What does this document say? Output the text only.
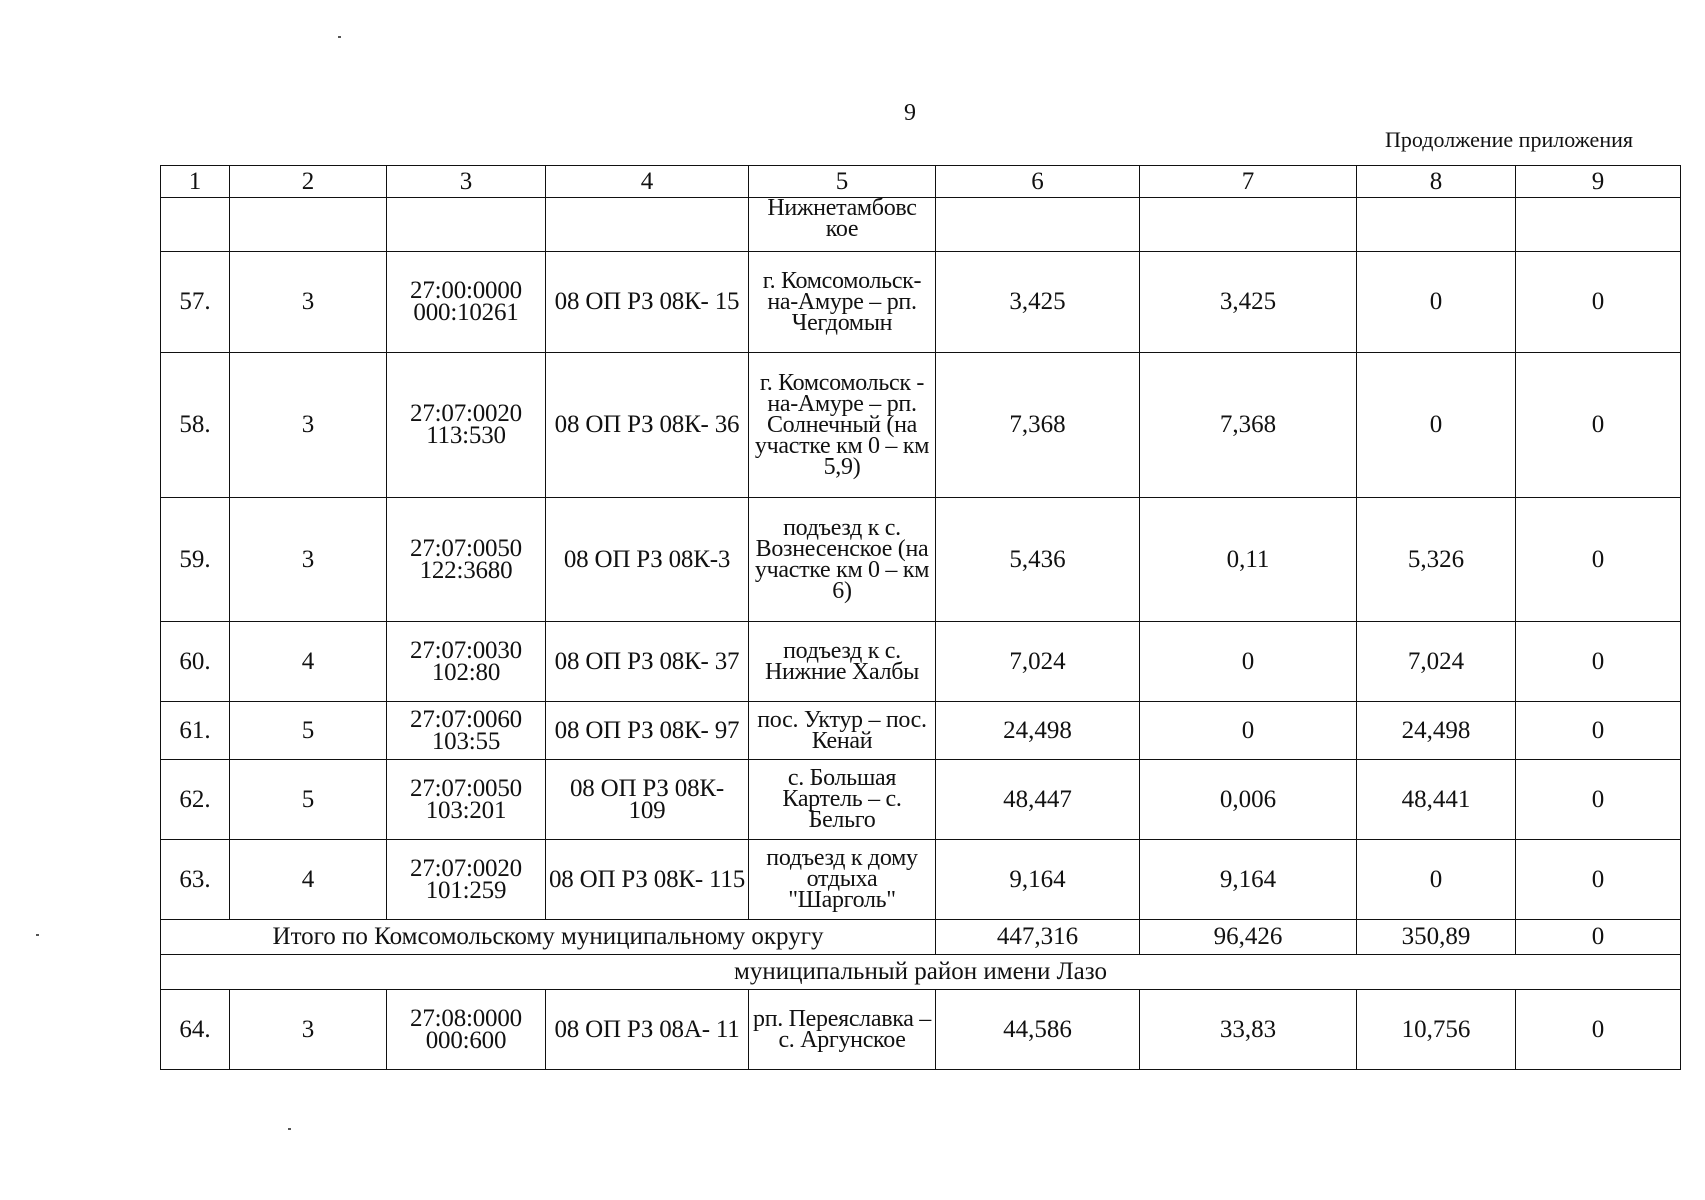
9
Продолжение приложения
1	2	3	4	5	6	7	8	9
				Нижнетамбовс кое				
57.	3	27:00:0000 000:10261	08 ОП РЗ 08К- 15	г. Комсомольск- на-Амуре – рп. Чегдомын	3,425	3,425	0	0
58.	3	27:07:0020 113:530	08 ОП РЗ 08К- 36	г. Комсомольск - на-Амуре – рп. Солнечный (на участке км 0 – км 5,9)	7,368	7,368	0	0
59.	3	27:07:0050 122:3680	08 ОП РЗ 08К-3	подъезд к с. Вознесенское (на участке км 0 – км 6)	5,436	0,11	5,326	0
60.	4	27:07:0030 102:80	08 ОП РЗ 08К- 37	подъезд к с. Нижние Халбы	7,024	0	7,024	0
61.	5	27:07:0060 103:55	08 ОП РЗ 08К- 97	пос. Уктур – пос. Кенай	24,498	0	24,498	0
62.	5	27:07:0050 103:201	08 ОП РЗ 08К- 109	с. Большая Картель – с. Бельго	48,447	0,006	48,441	0
63.	4	27:07:0020 101:259	08 ОП РЗ 08К- 115	подъезд к дому отдыха "Шарголь"	9,164	9,164	0	0
Итого по Комсомольскому муниципальному округу					447,316	96,426	350,89	0
муниципальный район имени Лазо								
64.	3	27:08:0000 000:600	08 ОП РЗ 08А- 11	рп. Переяславка – с. Аргунское	44,586	33,83	10,756	0
